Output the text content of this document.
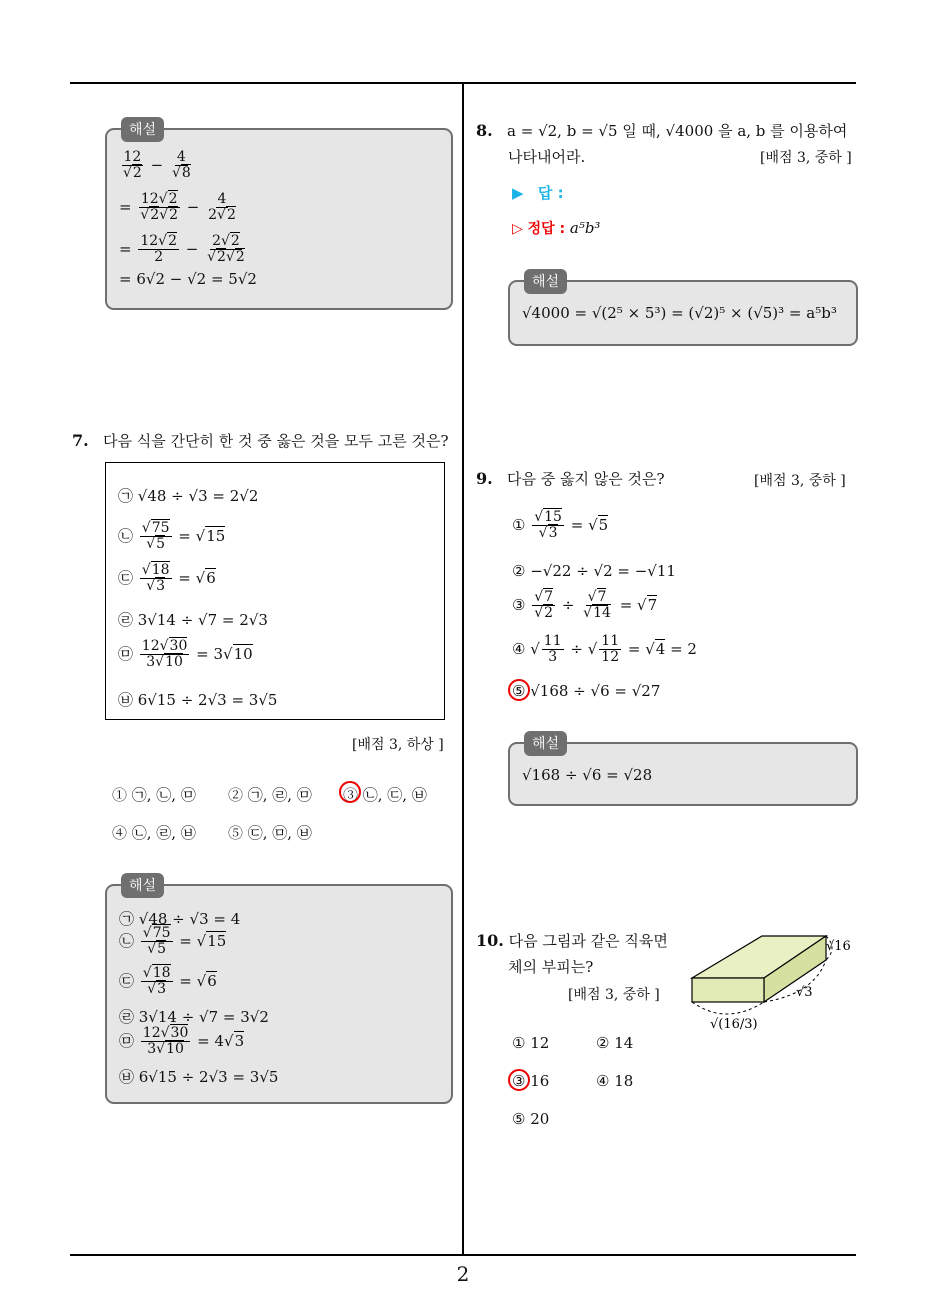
2
해설
$\frac{12}{√2} - \frac{4}{√8}$
= $\frac{12√2}{√2√2} - \frac{4}{2√2}$
= $\frac{12√2}{2} - \frac{2√2}{√2√2}$
= 6√2 − √2 = 5√2
7. 다음 식을 간단히 한 것 중 옳은 것을 모두 고른 것은?
㉠ √48 ÷ √3 = 2√2
㉡ $\frac{√75}{√5} = √15$
㉢ $\frac{√18}{√3} = √6$
㉣ 3√14 ÷ √7 = 2√3
㉤ $\frac{12√30}{3√10} = 3√10$
㉥ 6√15 ÷ 2√3 = 3√5
[배점 3, 하상 ]
① ㉠, ㉡, ㉤ ② ㉠, ㉣, ㉤ ③ ㉡, ㉢, ㉥
④ ㉡, ㉣, ㉥ ⑤ ㉢, ㉤, ㉥
해설
㉠ √48 ÷ √3 = 4
㉡ $\frac{√75}{√5} = √15$
㉢ $\frac{√18}{√3} = √6$
㉣ 3√14 ÷ √7 = 3√2
㉤ $\frac{12√30}{3√10} = 4√3$
㉥ 6√15 ÷ 2√3 = 3√5
8. a = √2, b = √5 일 때, √4000 을 a, b 를 이용하여
나타내어라.	[배점 3, 중하 ]
▶ 답 :
▷ 정답 : a⁵b³
해설
√4000 = √(2⁵ × 5³) = (√2)⁵ × (√5)³ = a⁵b³
9. 다음 중 옳지 않은 것은?	[배점 3, 중하 ]
① $\frac{√15}{√3} = √5$
② −√22 ÷ √2 = −√11
③ $\frac{√7}{√2} \div \frac{√7}{√14} = √7$
④ √ $\frac{11}{3}$ ÷ √ $\frac{11}{12} = √4 = 2$
⑤ √168 ÷ √6 = √27
해설
√168 ÷ √6 = √28
10. 다음 그림과 같은 직육면
체의 부피는?
[배점 3, 중하 ]
√16
√3
√(16/3)
① 12	② 14
③ 16	④ 18
⑤ 20
